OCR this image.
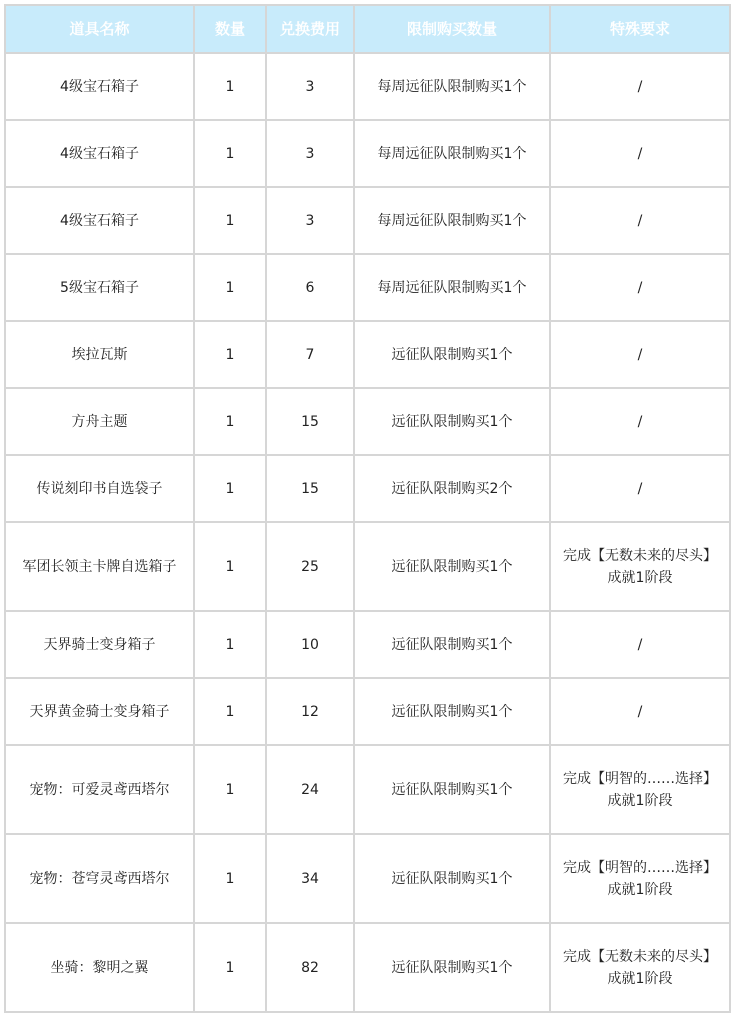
道具名称	数量	兑换费用	限制购买数量	特殊要求
4级宝石箱子	1	3	每周远征队限制购买1个	/

4级宝石箱子	1	3	每周远征队限制购买1个	/

4级宝石箱子	1	3	每周远征队限制购买1个	/

5级宝石箱子	1	6	每周远征队限制购买1个	/

埃拉瓦斯	1	7	远征队限制购买1个	/

方舟主题	1	15	远征队限制购买1个	/

传说刻印书自选袋子	1	15	远征队限制购买2个	/

军团长领主卡牌自选箱子	1	25	远征队限制购买1个	完成【无数未来的尽头】
成就1阶段

天界骑士变身箱子	1	10	远征队限制购买1个	/

天界黄金骑士变身箱子	1	12	远征队限制购买1个	/

宠物：可爱灵鸢西塔尔	1	24	远征队限制购买1个	完成【明智的……选择】
成就1阶段

宠物：苍穹灵鸢西塔尔	1	34	远征队限制购买1个	完成【明智的……选择】
成就1阶段

坐骑：黎明之翼	1	82	远征队限制购买1个	完成【无数未来的尽头】
成就1阶段
